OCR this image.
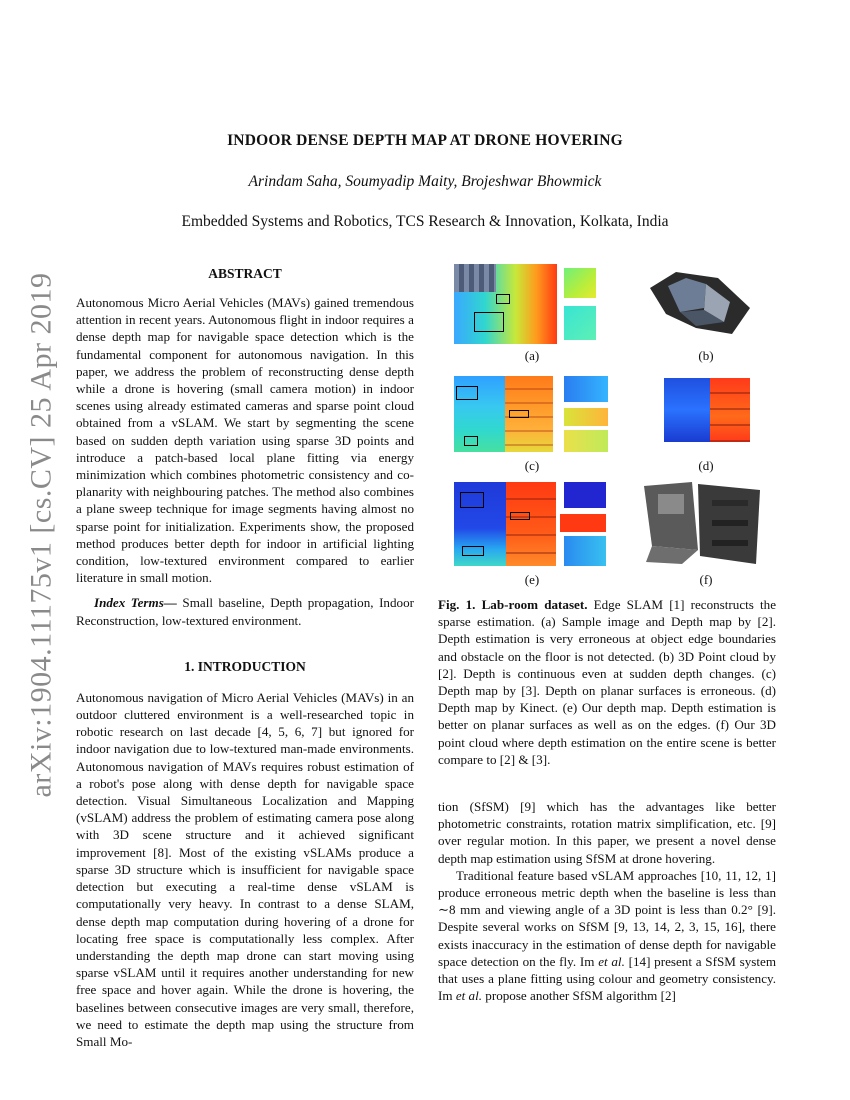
arXiv:1904.11175v1 [cs.CV] 25 Apr 2019
INDOOR DENSE DEPTH MAP AT DRONE HOVERING
Arindam Saha, Soumyadip Maity, Brojeshwar Bhowmick
Embedded Systems and Robotics, TCS Research & Innovation, Kolkata, India
ABSTRACT

Autonomous Micro Aerial Vehicles (MAVs) gained tremendous attention in recent years. Autonomous flight in indoor requires a dense depth map for navigable space detection which is the fundamental component for autonomous navigation. In this paper, we address the problem of reconstructing dense depth while a drone is hovering (small camera motion) in indoor scenes using already estimated cameras and sparse point cloud obtained from a vSLAM. We start by segmenting the scene based on sudden depth variation using sparse 3D points and introduce a patch-based local plane fitting via energy minimization which combines photometric consistency and co-planarity with neighbouring patches. The method also combines a plane sweep technique for image segments having almost no sparse point for initialization. Experiments show, the proposed method produces better depth for indoor in artificial lighting condition, low-textured environment compared to earlier literature in small motion.

Index Terms— Small baseline, Depth propagation, Indoor Reconstruction, low-textured environment.

1. INTRODUCTION

Autonomous navigation of Micro Aerial Vehicles (MAVs) in an outdoor cluttered environment is a well-researched topic in robotic research on last decade [4, 5, 6, 7] but ignored for indoor navigation due to low-textured man-made environments. Autonomous navigation of MAVs requires robust estimation of a robot's pose along with dense depth for navigable space detection. Visual Simultaneous Localization and Mapping (vSLAM) address the problem of estimating camera pose along with 3D scene structure and it achieved significant improvement [8]. Most of the existing vSLAMs produce a sparse 3D structure which is insufficient for navigable space detection but executing a real-time dense vSLAM is computationally very heavy. In contrast to a dense SLAM, dense depth map computation during hovering of a drone for locating free space is computationally less complex. After understanding the depth map drone can start moving using sparse vSLAM until it requires another understanding for new free space and hover again. While the drone is hovering, the baselines between consecutive images are very small, therefore, we need to estimate the depth map using the structure from Small Mo-

(a)	(b)
(c)	(d)
(e)	(f)

Fig. 1. Lab-room dataset. Edge SLAM [1] reconstructs the sparse estimation. (a) Sample image and Depth map by [2]. Depth estimation is very erroneous at object edge boundaries and obstacle on the floor is not detected. (b) 3D Point cloud by [2]. Depth is continuous even at sudden depth changes. (c) Depth map by [3]. Depth on planar surfaces is erroneous. (d) Depth map by Kinect. (e) Our depth map. Depth estimation is better on planar surfaces as well as on the edges. (f) Our 3D point cloud where depth estimation on the entire scene is better compare to [2] & [3].

tion (SfSM) [9] which has the advantages like better photometric constraints, rotation matrix simplification, etc. [9] over regular motion. In this paper, we present a novel dense depth map estimation using SfSM at drone hovering.

Traditional feature based vSLAM approaches [10, 11, 12, 1] produce erroneous metric depth when the baseline is less than ∼8 mm and viewing angle of a 3D point is less than 0.2° [9]. Despite several works on SfSM [9, 13, 14, 2, 3, 15, 16], there exists inaccuracy in the estimation of dense depth for navigable space detection on the fly. Im et al. [14] present a SfSM system that uses a plane fitting using colour and geometry consistency. Im et al. propose another SfSM algorithm [2]
